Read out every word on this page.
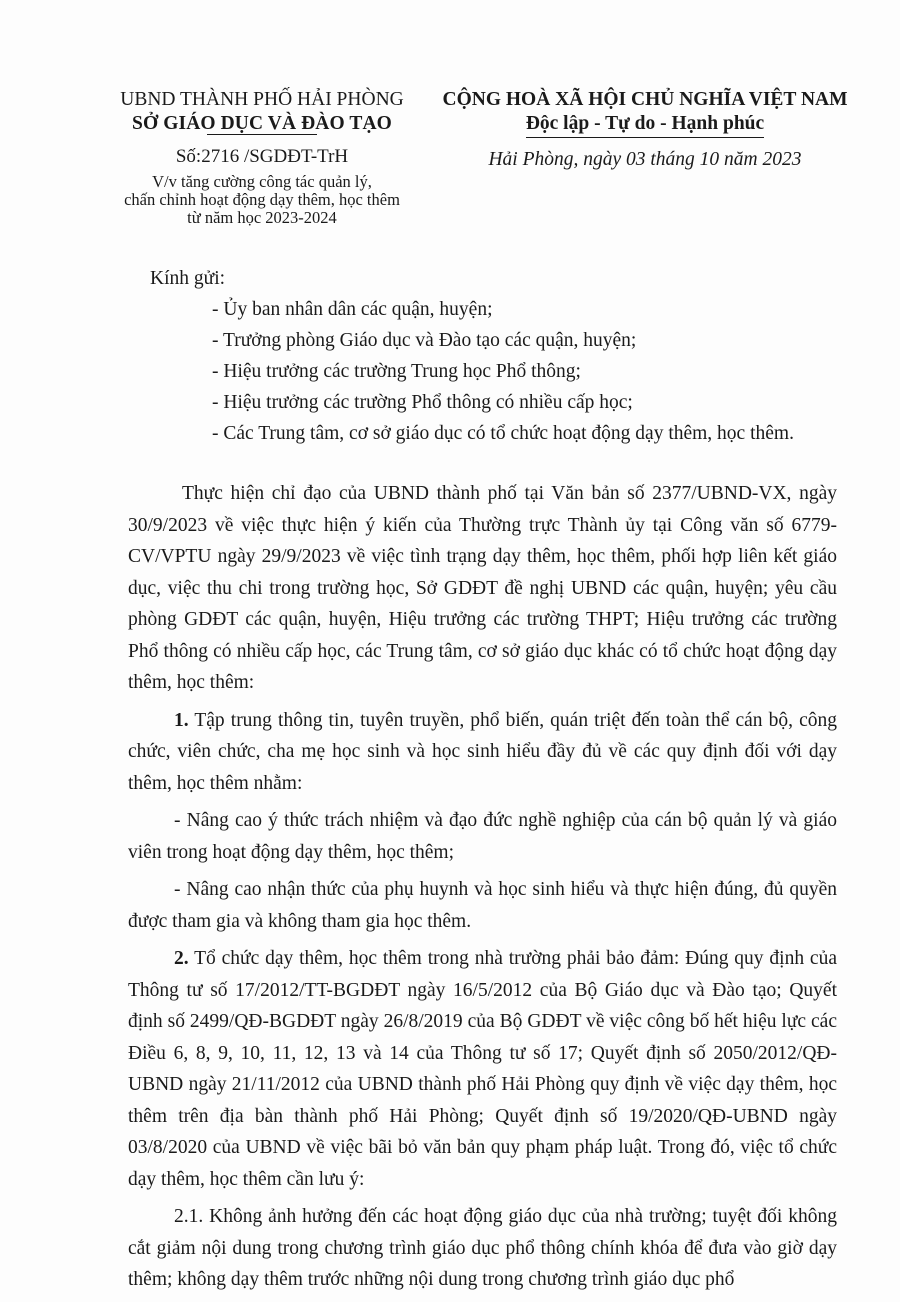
UBND THÀNH PHỐ HẢI PHÒNG
SỞ GIÁO DỤC VÀ ĐÀO TẠO
Số:2716 /SGDĐT-TrH
V/v tăng cường công tác quản lý,
chấn chỉnh hoạt động dạy thêm, học thêm
từ năm học 2023-2024
CỘNG HOÀ XÃ HỘI CHỦ NGHĨA VIỆT NAM
Độc lập - Tự do - Hạnh phúc
Hải Phòng, ngày 03 tháng 10 năm 2023
Kính gửi:
- Ủy ban nhân dân các quận, huyện;
- Trưởng phòng Giáo dục và Đào tạo các quận, huyện;
- Hiệu trưởng các trường Trung học Phổ thông;
- Hiệu trưởng các trường Phổ thông có nhiều cấp học;
- Các Trung tâm, cơ sở giáo dục có tổ chức hoạt động dạy thêm, học thêm.

Thực hiện chỉ đạo của UBND thành phố tại Văn bản số 2377/UBND-VX, ngày 30/9/2023 về việc thực hiện ý kiến của Thường trực Thành ủy tại Công văn số 6779- CV/VPTU ngày 29/9/2023 về việc tình trạng dạy thêm, học thêm, phối hợp liên kết giáo dục, việc thu chi trong trường học, Sở GDĐT đề nghị UBND các quận, huyện; yêu cầu phòng GDĐT các quận, huyện, Hiệu trưởng các trường THPT; Hiệu trưởng các trường Phổ thông có nhiều cấp học, các Trung tâm, cơ sở giáo dục khác có tổ chức hoạt động dạy thêm, học thêm:

1. Tập trung thông tin, tuyên truyền, phổ biến, quán triệt đến toàn thể cán bộ, công chức, viên chức, cha mẹ học sinh và học sinh hiểu đầy đủ về các quy định đối với dạy thêm, học thêm nhằm:

- Nâng cao ý thức trách nhiệm và đạo đức nghề nghiệp của cán bộ quản lý và giáo viên trong hoạt động dạy thêm, học thêm;

- Nâng cao nhận thức của phụ huynh và học sinh hiểu và thực hiện đúng, đủ quyền được tham gia và không tham gia học thêm.

2. Tổ chức dạy thêm, học thêm trong nhà trường phải bảo đảm: Đúng quy định của Thông tư số 17/2012/TT-BGDĐT ngày 16/5/2012 của Bộ Giáo dục và Đào tạo; Quyết định số 2499/QĐ-BGDĐT ngày 26/8/2019 của Bộ GDĐT về việc công bố hết hiệu lực các Điều 6, 8, 9, 10, 11, 12, 13 và 14 của Thông tư số 17; Quyết định số 2050/2012/QĐ-UBND ngày 21/11/2012 của UBND thành phố Hải Phòng quy định về việc dạy thêm, học thêm trên địa bàn thành phố Hải Phòng; Quyết định số 19/2020/QĐ-UBND ngày 03/8/2020 của UBND về việc bãi bỏ văn bản quy phạm pháp luật. Trong đó, việc tổ chức dạy thêm, học thêm cần lưu ý:

2.1. Không ảnh hưởng đến các hoạt động giáo dục của nhà trường; tuyệt đối không cắt giảm nội dung trong chương trình giáo dục phổ thông chính khóa để đưa vào giờ dạy thêm; không dạy thêm trước những nội dung trong chương trình giáo dục phổ
